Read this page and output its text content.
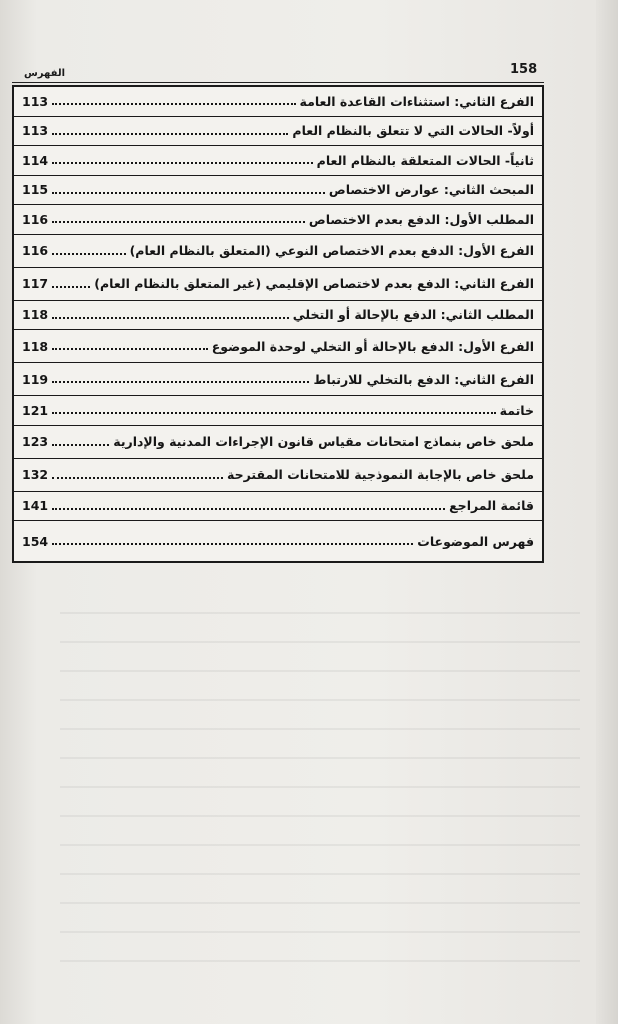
158
الفهرس
الفرع الثاني: استثناءات القاعدة العامة
113
أولاً- الحالات التي لا تتعلق بالنظام العام
113
ثانياً- الحالات المتعلقة بالنظام العام
114
المبحث الثاني: عوارض الاختصاص
115
المطلب الأول: الدفع بعدم الاختصاص
116
الفرع الأول: الدفع بعدم الاختصاص النوعي (المتعلق بالنظام العام)
116
الفرع الثاني: الدفع بعدم لاختصاص الإقليمي (غير المتعلق بالنظام العام)
117
المطلب الثاني: الدفع بالإحالة أو التخلي
118
الفرع الأول: الدفع بالإحالة أو التخلي لوحدة الموضوع
118
الفرع الثاني: الدفع بالتخلي للارتباط
119
خاتمة
121
ملحق خاص بنماذج امتحانات مقياس قانون الإجراءات المدنية والإدارية
123
ملحق خاص بالإجابة النموذجية للامتحانات المقترحة
132
قائمة المراجع
141
فهرس الموضوعات
154
